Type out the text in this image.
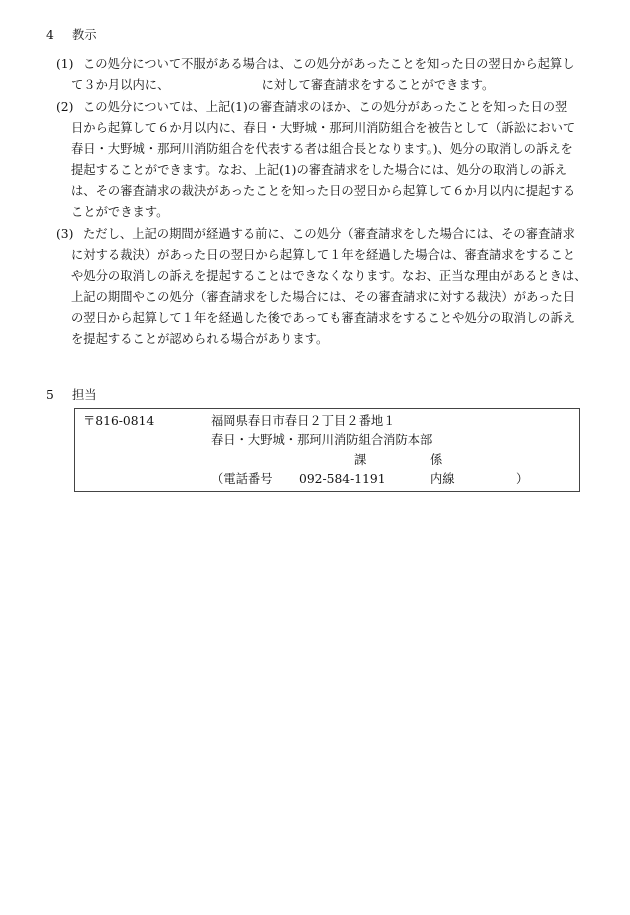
4 教示
(1) この処分について不服がある場合は、この処分があったことを知った日の翌日から起算し
て３か月以内に、　　　　　　　　に対して審査請求をすることができます。
(2) この処分については、上記(1)の審査請求のほか、この処分があったことを知った日の翌
日から起算して６か月以内に、春日・大野城・那珂川消防組合を被告として（訴訟において
春日・大野城・那珂川消防組合を代表する者は組合長となります。)、処分の取消しの訴えを
提起することができます。なお、上記(1)の審査請求をした場合には、処分の取消しの訴え
は、その審査請求の裁決があったことを知った日の翌日から起算して６か月以内に提起する
ことができます。
(3) ただし、上記の期間が経過する前に、この処分（審査請求をした場合には、その審査請求
に対する裁決）があった日の翌日から起算して１年を経過した場合は、審査請求をすること
や処分の取消しの訴えを提起することはできなくなります。なお、正当な理由があるときは、
上記の期間やこの処分（審査請求をした場合には、その審査請求に対する裁決）があった日
の翌日から起算して１年を経過した後であっても審査請求をすることや処分の取消しの訴え
を提起することが認められる場合があります。
5 担当
〒816-0814	福岡県春日市春日２丁目２番地１
春日・大野城・那珂川消防組合消防本部
課	係
（電話番号 092-584-1191	内線	）
